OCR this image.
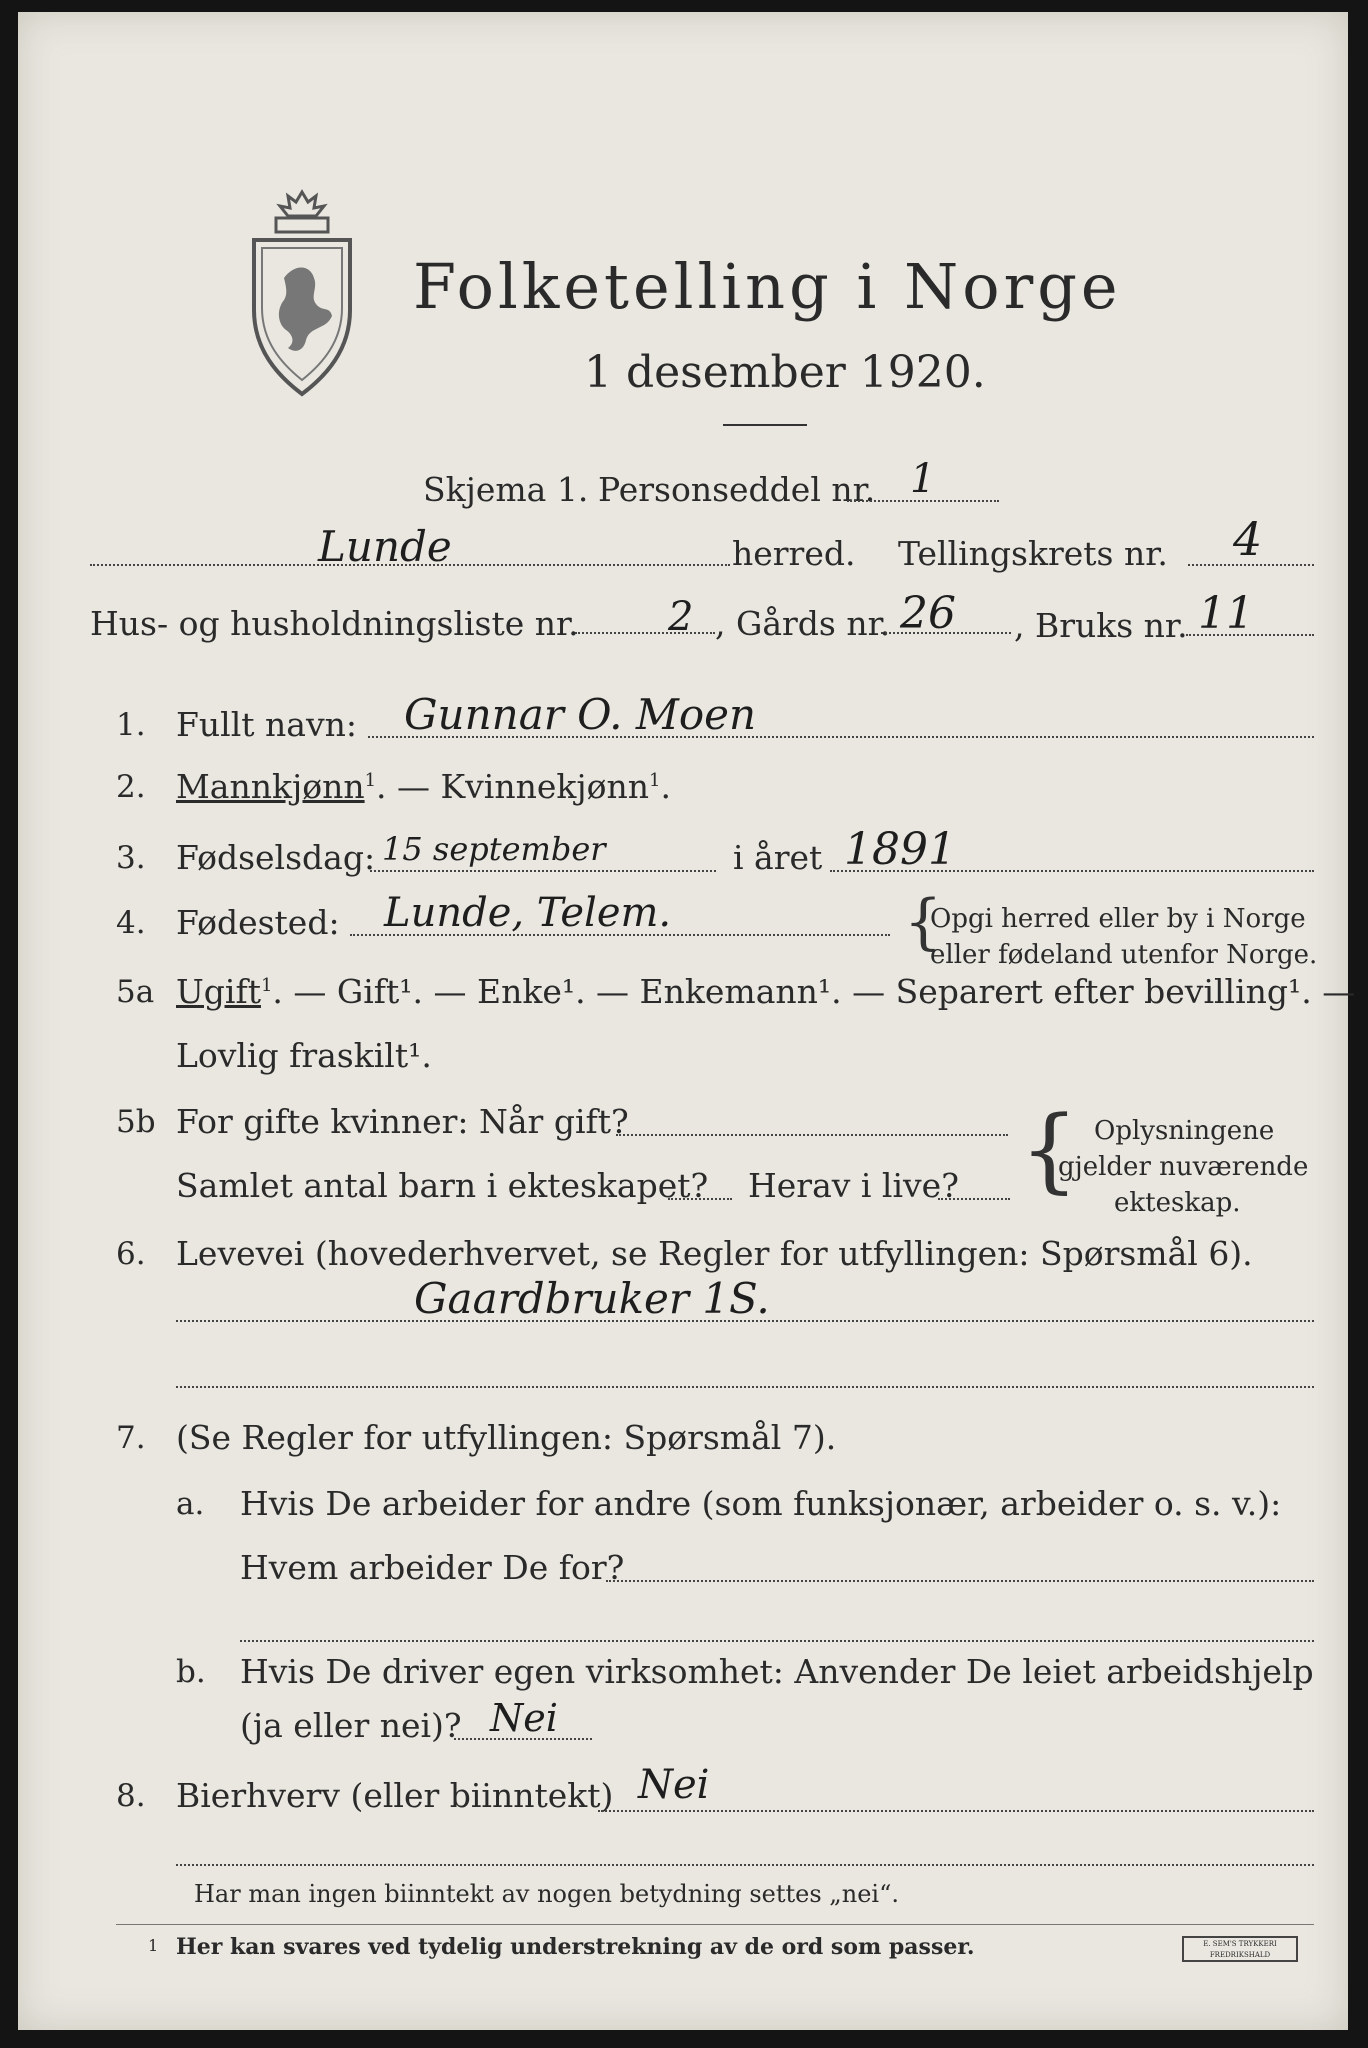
Folketelling i Norge
1 desember 1920.
Skjema 1. Personseddel nr. 1
Lunde	herred. Tellingskrets nr. 4
Hus- og husholdningsliste nr. 2 , Gårds nr. 26 , Bruks nr. 11
1. Fullt navn: Gunnar O. Moen
2. Mannkjønn$^1$. — Kvinnekjønn$^1$.
3. Fødselsdag: 15 september	i året 1891
4. Fødested: Lunde, Telem.	{
Opgi herred eller by i Norge
eller fødeland utenfor Norge.
5a Ugift$^1$. — Gift¹. — Enke¹. — Enkemann¹. — Separert efter bevilling¹. —
Lovlig fraskilt¹.
5b For gifte kvinner: Når gift?
Samlet antal barn i ekteskapet? Herav i live? { Oplysningene
gjelder nuværende
ekteskap.
6. Levevei (hovederhvervet, se Regler for utfyllingen: Spørsmål 6).
Gaardbruker 1S.
7. (Se Regler for utfyllingen: Spørsmål 7).
a. Hvis De arbeider for andre (som funksjonær, arbeider o. s. v.):
Hvem arbeider De for?
b. Hvis De driver egen virksomhet: Anvender De leiet arbeidshjelp
(ja eller nei)? Nei
8. Bierhverv (eller biinntekt) Nei
Har man ingen biinntekt av nogen betydning settes „nei“.
1 Her kan svares ved tydelig understrekning av de ord som passer.	E. SEM'S TRYKKERI FREDRIKSHALD
